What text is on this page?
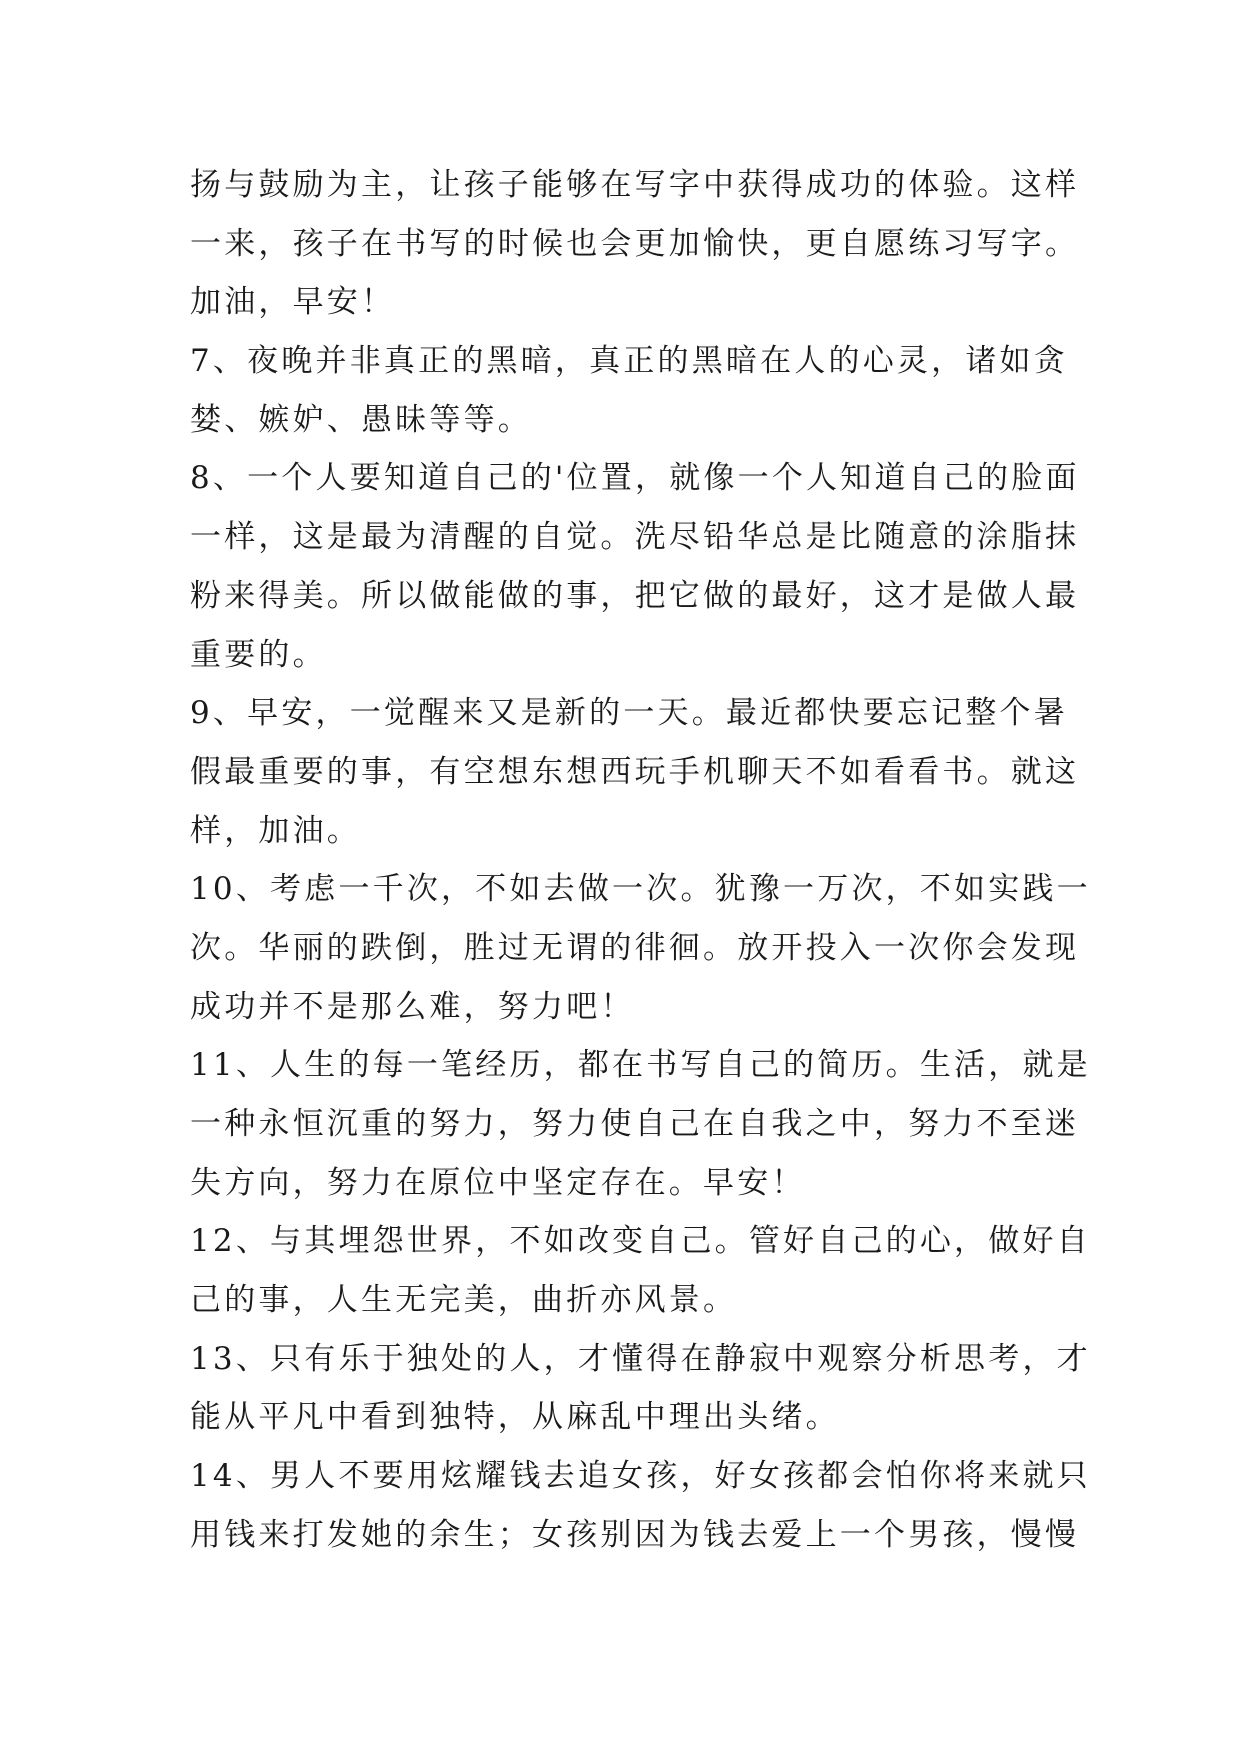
扬与鼓励为主，让孩子能够在写字中获得成功的体验。这样
一来，孩子在书写的时候也会更加愉快，更自愿练习写字。
加油，早安！
7、夜晚并非真正的黑暗，真正的黑暗在人的心灵，诸如贪
婪、嫉妒、愚昧等等。
8、一个人要知道自己的'位置，就像一个人知道自己的脸面
一样，这是最为清醒的自觉。洗尽铅华总是比随意的涂脂抹
粉来得美。所以做能做的事，把它做的最好，这才是做人最
重要的。
9、早安，一觉醒来又是新的一天。最近都快要忘记整个暑
假最重要的事，有空想东想西玩手机聊天不如看看书。就这
样，加油。
10、考虑一千次，不如去做一次。犹豫一万次，不如实践一
次。华丽的跌倒，胜过无谓的徘徊。放开投入一次你会发现
成功并不是那么难，努力吧！
11、人生的每一笔经历，都在书写自己的简历。生活，就是
一种永恒沉重的努力，努力使自己在自我之中，努力不至迷
失方向，努力在原位中坚定存在。早安！
12、与其埋怨世界，不如改变自己。管好自己的心，做好自
己的事，人生无完美，曲折亦风景。
13、只有乐于独处的人，才懂得在静寂中观察分析思考，才
能从平凡中看到独特，从麻乱中理出头绪。
14、男人不要用炫耀钱去追女孩，好女孩都会怕你将来就只
用钱来打发她的余生；女孩别因为钱去爱上一个男孩，慢慢
